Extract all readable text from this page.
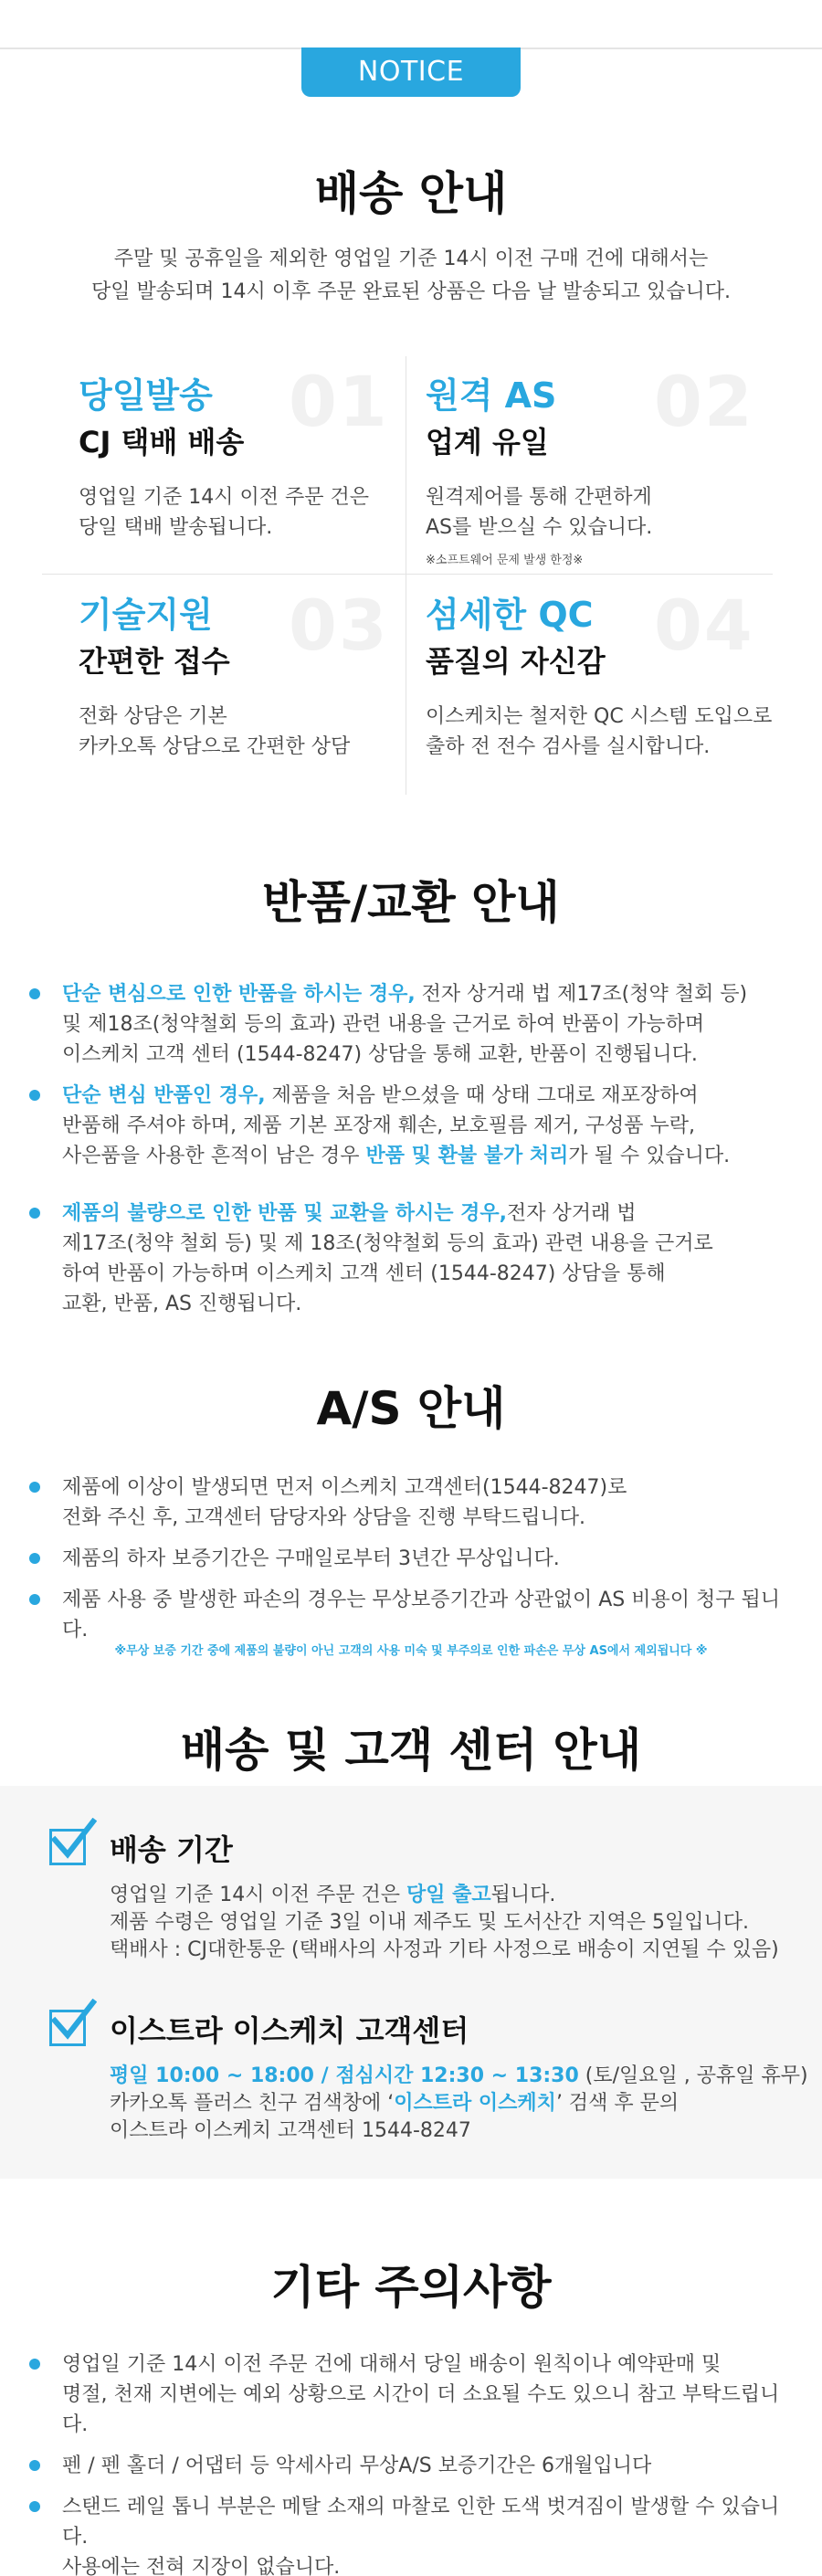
NOTICE
배송 안내
주말 및 공휴일을 제외한 영업일 기준 14시 이전 구매 건에 대해서는
당일 발송되며 14시 이후 주문 완료된 상품은 다음 날 발송되고 있습니다.
01
당일발송
CJ 택배 배송
영업일 기준 14시 이전 주문 건은
당일 택배 발송됩니다.
02
원격 AS
업계 유일
원격제어를 통해 간편하게
AS를 받으실 수 있습니다.
※소프트웨어 문제 발생 한정※
03
기술지원
간편한 접수
전화 상담은 기본
카카오톡 상담으로 간편한 상담
04
섬세한 QC
품질의 자신감
이스케치는 철저한 QC 시스템 도입으로
출하 전 전수 검사를 실시합니다.
반품/교환 안내
단순 변심으로 인한 반품을 하시는 경우, 전자 상거래 법 제17조(청약 철회 등)
및 제18조(청약철회 등의 효과) 관련 내용을 근거로 하여 반품이 가능하며
이스케치 고객 센터 (1544-8247) 상담을 통해 교환, 반품이 진행됩니다.
단순 변심 반품인 경우, 제품을 처음 받으셨을 때 상태 그대로 재포장하여
반품해 주셔야 하며, 제품 기본 포장재 훼손, 보호필름 제거, 구성품 누락,
사은품을 사용한 흔적이 남은 경우 반품 및 환불 불가 처리가 될 수 있습니다.
제품의 불량으로 인한 반품 및 교환을 하시는 경우,전자 상거래 법
제17조(청약 철회 등) 및 제 18조(청약철회 등의 효과) 관련 내용을 근거로
하여 반품이 가능하며 이스케치 고객 센터 (1544-8247) 상담을 통해
교환, 반품, AS 진행됩니다.
A/S 안내
제품에 이상이 발생되면 먼저 이스케치 고객센터(1544-8247)로
전화 주신 후, 고객센터 담당자와 상담을 진행 부탁드립니다.
제품의 하자 보증기간은 구매일로부터 3년간 무상입니다.
제품 사용 중 발생한 파손의 경우는 무상보증기간과 상관없이 AS 비용이 청구 됩니다.
※무상 보증 기간 중에 제품의 불량이 아닌 고객의 사용 미숙 및 부주의로 인한 파손은 무상 AS에서 제외됩니다 ※
배송 및 고객 센터 안내
배송 기간
영업일 기준 14시 이전 주문 건은 당일 출고됩니다.
제품 수령은 영업일 기준 3일 이내 제주도 및 도서산간 지역은 5일입니다.
택배사 : CJ대한통운 (택배사의 사정과 기타 사정으로 배송이 지연될 수 있음)
이스트라 이스케치 고객센터
평일 10:00 ~ 18:00 / 점심시간 12:30 ~ 13:30 (토/일요일 , 공휴일 휴무)
카카오톡 플러스 친구 검색창에 ‘이스트라 이스케치’ 검색 후 문의
이스트라 이스케치 고객센터 1544-8247
기타 주의사항
영업일 기준 14시 이전 주문 건에 대해서 당일 배송이 원칙이나 예약판매 및
명절, 천재 지변에는 예외 상황으로 시간이 더 소요될 수도 있으니 참고 부탁드립니다.
펜 / 펜 홀더 / 어댑터 등 악세사리 무상A/S 보증기간은 6개월입니다
스탠드 레일 톱니 부분은 메탈 소재의 마찰로 인한 도색 벗겨짐이 발생할 수 있습니다.
사용에는 전혀 지장이 없습니다.
